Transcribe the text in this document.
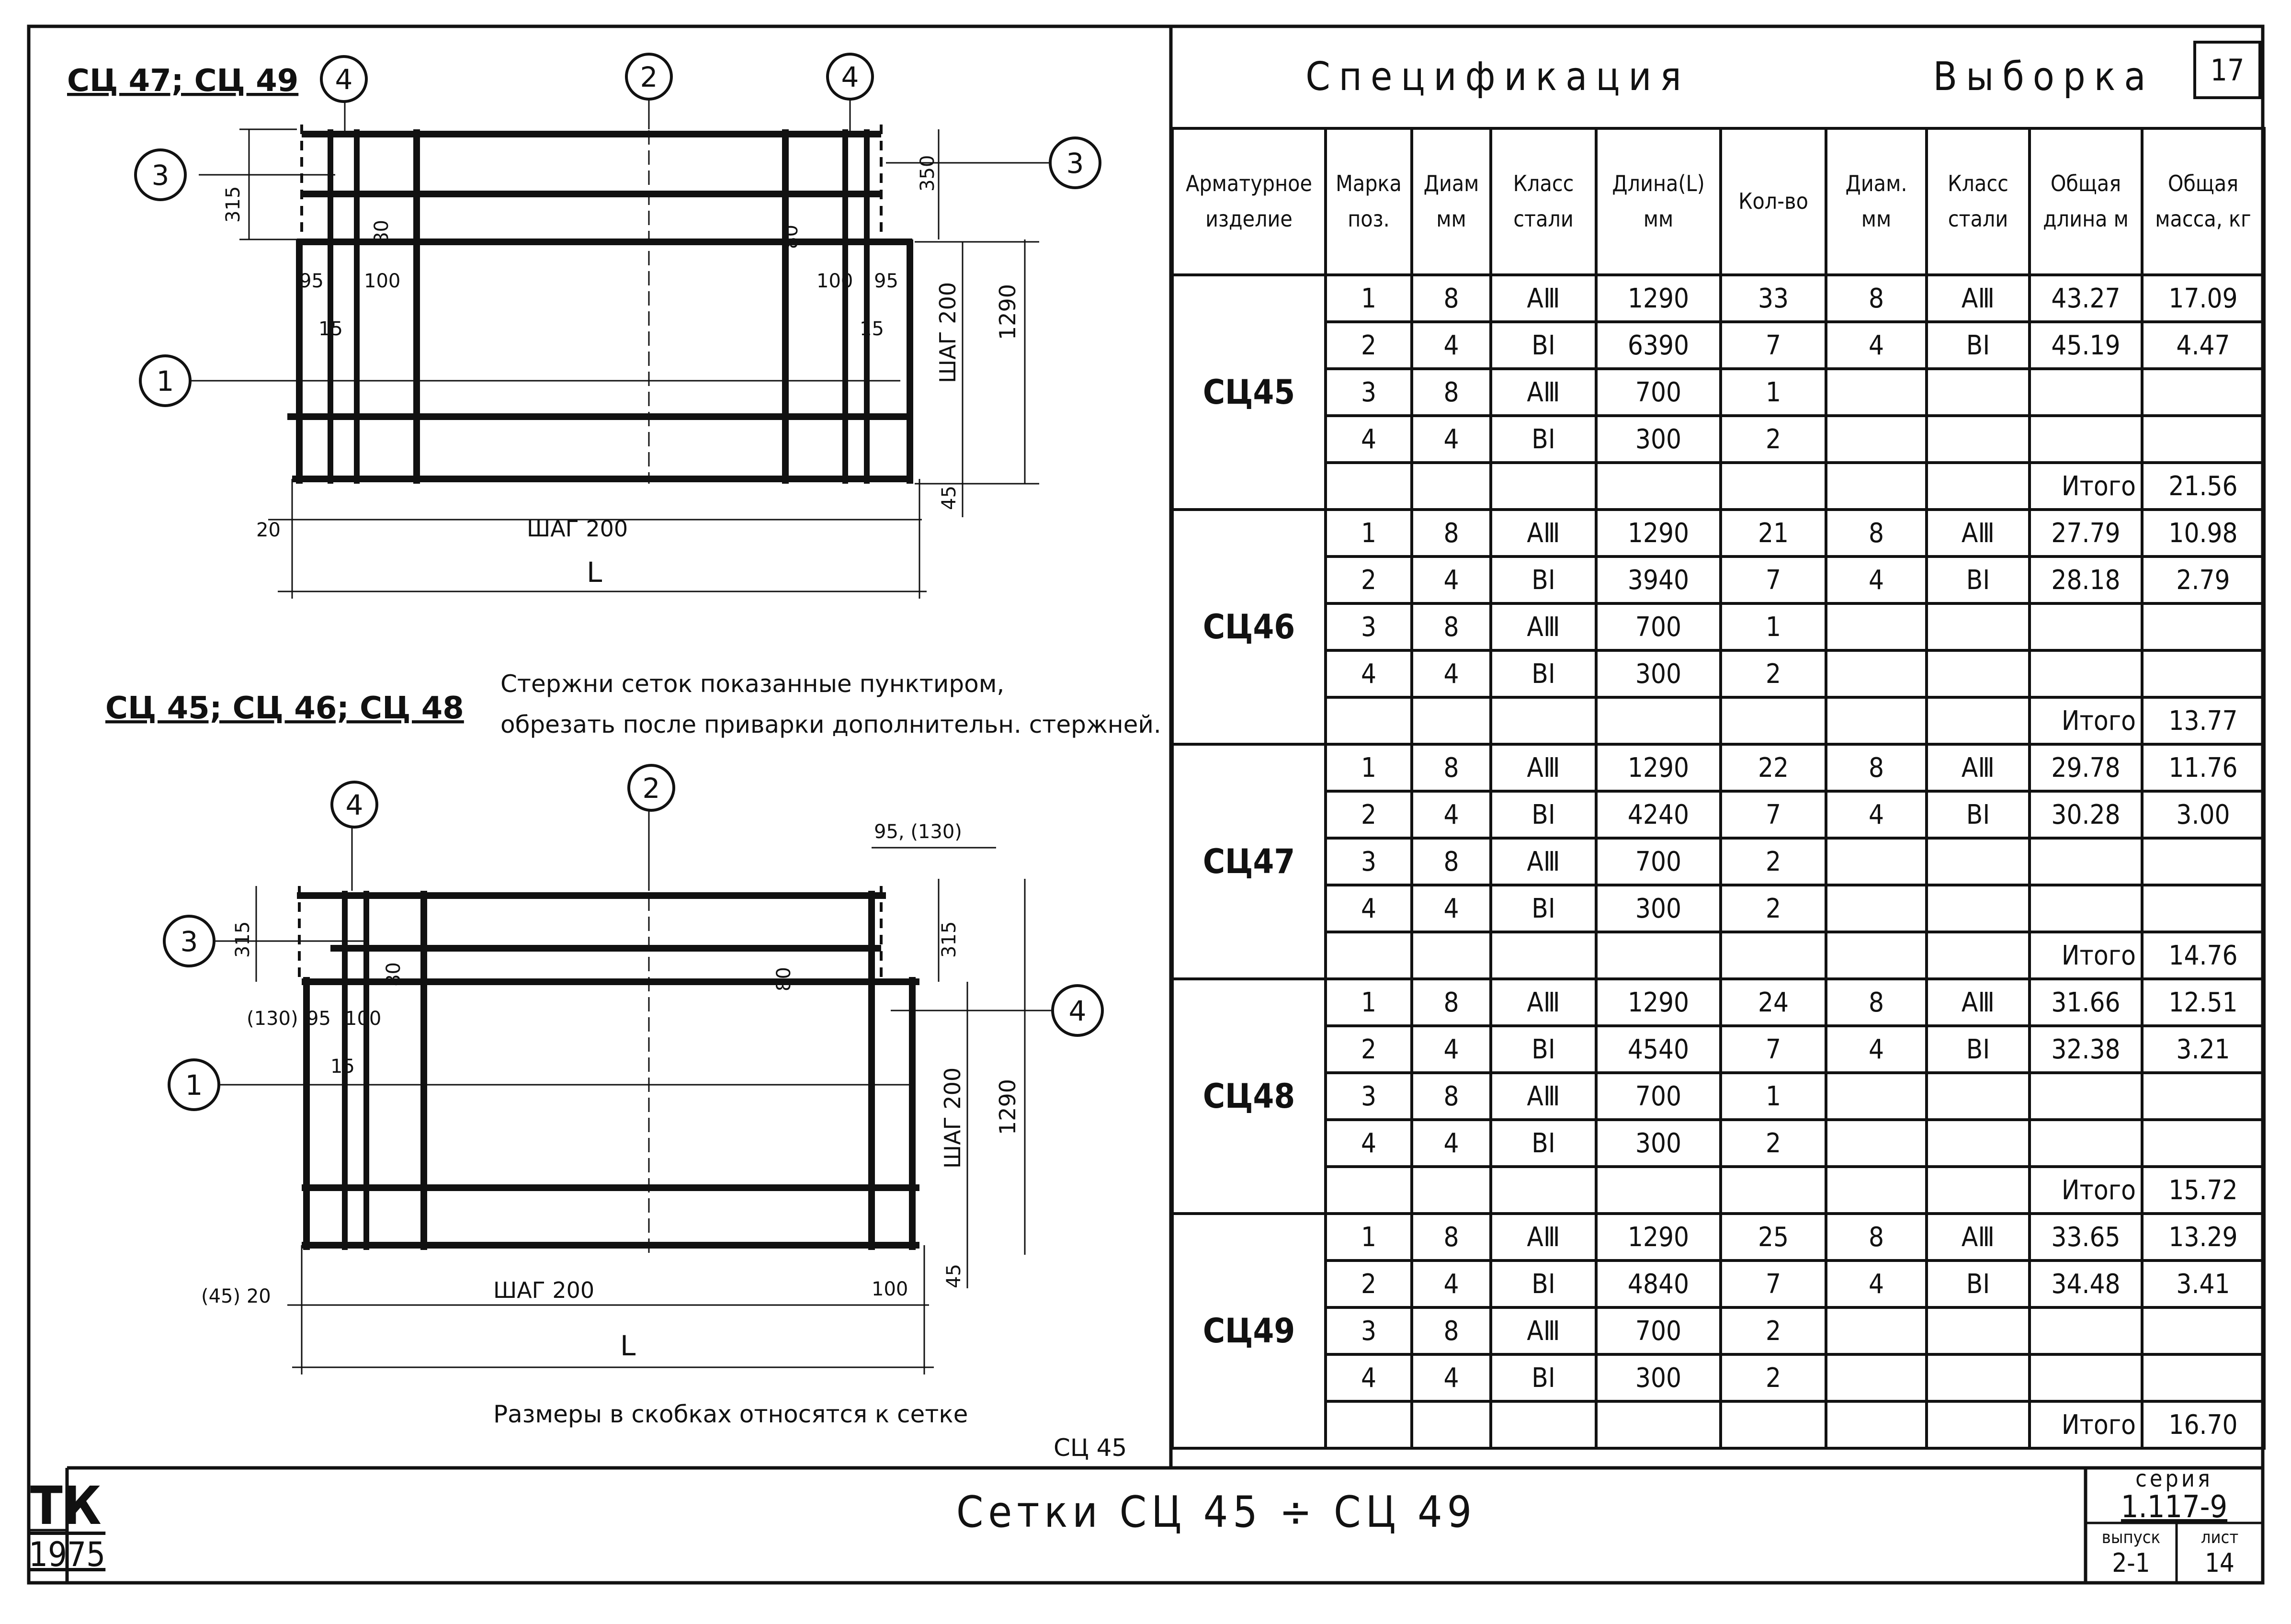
СЦ 47; СЦ 49 4	2	4
3	3
1
315
80
95 100
15
100 95
15
80
20	ШАГ 200
L
45
ШАГ 200 1290
350
Стержни сеток показанные пунктиром,
обрезать после приварки дополнительн. стержней.
СЦ 45; СЦ 46; СЦ 48
4
2
3
4
1
95, (130)
315
80
(130) 95 100
15
(45) 20	ШАГ 200
L
100
45
ШАГ 200 1290
315
80
Размеры в скобках относятся к сетке
СЦ 45
Спецификация	Выборка	17
Арматурное изделие	Марка поз.	Диам мм	Класс стали	Длина(L) мм	Кол-во	Диам. мм	Класс стали	Общая длина м	Общая масса, кг
СЦ45	1	8	АⅢ	1290	33	8	АⅢ	43.27	17.09
	2	4	ВI	6390	7	4	ВI	45.19	4.47
	3	8	АⅢ	700	1				
	4	4	ВI	300	2				
								Итого	21.56
СЦ46	1	8	АⅢ	1290	21	8	АⅢ	27.79	10.98
	2	4	ВI	3940	7	4	ВI	28.18	2.79
	3	8	АⅢ	700	1				
	4	4	ВI	300	2				
								Итого	13.77
СЦ47	1	8	АⅢ	1290	22	8	АⅢ	29.78	11.76
	2	4	ВI	4240	7	4	ВI	30.28	3.00
	3	8	АⅢ	700	2				
	4	4	ВI	300	2				
								Итого	14.76
СЦ48	1	8	АⅢ	1290	24	8	АⅢ	31.66	12.51
	2	4	ВI	4540	7	4	ВI	32.38	3.21
	3	8	АⅢ	700	1				
	4	4	ВI	300	2				
								Итого	15.72
СЦ49	1	8	АⅢ	1290	25	8	АⅢ	33.65	13.29
	2	4	ВI	4840	7	4	ВI	34.48	3.41
	3	8	АⅢ	700	2				
	4	4	ВI	300	2				
								Итого	16.70
ТК
1975
Сетки СЦ 45 ÷ СЦ 49
серия
1.117-9
выпуск
2-1
лист
14
